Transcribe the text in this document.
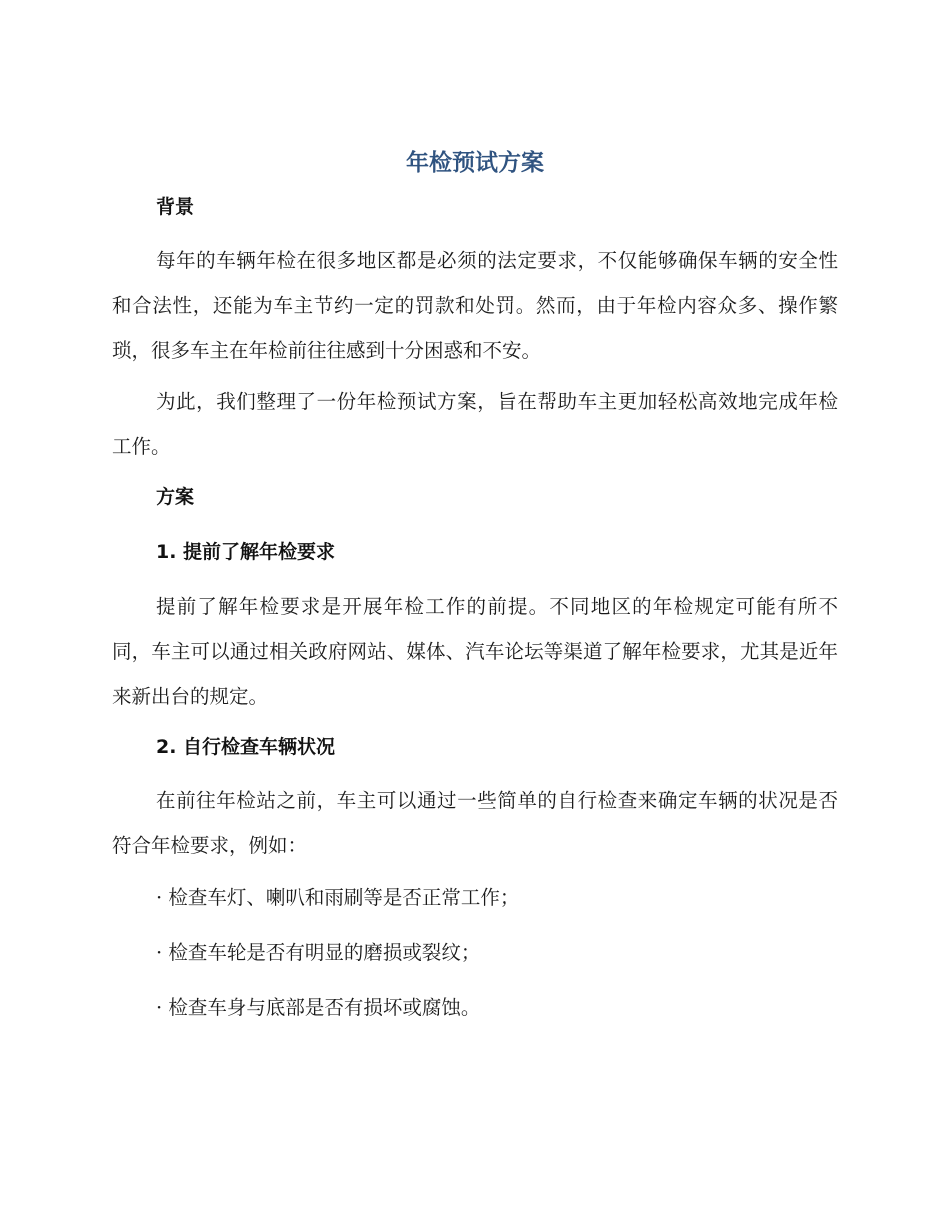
年检预试方案
背景
每年的车辆年检在很多地区都是必须的法定要求，不仅能够确保车辆的安全性和合法性，还能为车主节约一定的罚款和处罚。然而，由于年检内容众多、操作繁琐，很多车主在年检前往往感到十分困惑和不安。
为此，我们整理了一份年检预试方案，旨在帮助车主更加轻松高效地完成年检工作。
方案
1. 提前了解年检要求
提前了解年检要求是开展年检工作的前提。不同地区的年检规定可能有所不同，车主可以通过相关政府网站、媒体、汽车论坛等渠道了解年检要求，尤其是近年来新出台的规定。
2. 自行检查车辆状况
在前往年检站之前，车主可以通过一些简单的自行检查来确定车辆的状况是否符合年检要求，例如：
· 检查车灯、喇叭和雨刷等是否正常工作；
· 检查车轮是否有明显的磨损或裂纹；
· 检查车身与底部是否有损坏或腐蚀。
